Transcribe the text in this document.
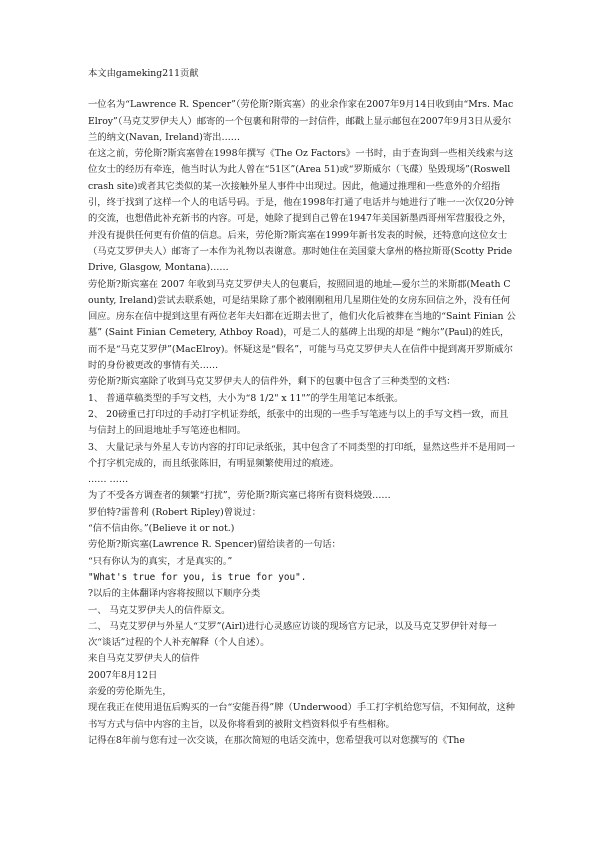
本文由gameking211贡献

一位名为“Lawrence R. Spencer”（劳伦斯?斯宾塞）的业余作家在2007年9月14日收到由“Mrs. MacElroy”（马克艾罗伊夫人）邮寄的一个包裹和附带的一封信件，邮戳上显示邮包在2007年9月3日从爱尔兰的纳文(Navan, Ireland)寄出……

在这之前，劳伦斯?斯宾塞曾在1998年撰写《The Oz Factors》一书时，由于查询到一些相关线索与这位女士的经历有牵连，他当时认为此人曾在“51区”(Area 51)或“罗斯威尔（飞碟）坠毁现场”(Roswell crash site)或者其它类似的某一次接触外星人事件中出现过。因此，他通过推理和一些意外的介绍指引，终于找到了这样一个人的电话号码。于是，他在1998年打通了电话并与她进行了唯一一次仅20分钟的交流，也想借此补充新书的内容。可是，她除了提到自己曾在1947年美国新墨西哥州军营服役之外，并没有提供任何更有价值的信息。后来，劳伦斯?斯宾塞在1999年新书发表的时候，还特意向这位女士（马克艾罗伊夫人）邮寄了一本作为礼物以表谢意。那时她住在美国蒙大拿州的格拉斯哥(Scotty Pride Drive, Glasgow, Montana)……

劳伦斯?斯宾塞在 2007 年收到马克艾罗伊夫人的包裹后，按照回退的地址—爱尔兰的米斯郡(Meath County, Ireland)尝试去联系她，可是结果除了那个被刚刚租用几星期住处的女房东回信之外，没有任何回应。房东在信中提到这里有两位老年夫妇都在近期去世了，他们火化后被葬在当地的“Saint Finian 公墓” (Saint Finian Cemetery, Athboy Road)，可是二人的墓碑上出现的却是 “鲍尔”(Paul)的姓氏，而不是“马克艾罗伊”(MacElroy)。怀疑这是“假名”，可能与马克艾罗伊夫人在信件中提到离开罗斯威尔时的身份被更改的事情有关……

劳伦斯?斯宾塞除了收到马克艾罗伊夫人的信件外，剩下的包裹中包含了三种类型的文档：

1、 普通草稿类型的手写文档，大小为“8 1/2" x 11"”的学生用笔记本纸张。

2、 20磅重已打印过的手动打字机证券纸，纸张中的出现的一些手写笔迹与以上的手写文档一致，而且与信封上的回退地址手写笔迹也相同。

3、 大量记录与外星人专访内容的打印记录纸张，其中包含了不同类型的打印纸，显然这些并不是用同一个打字机完成的，而且纸张陈旧，有明显频繁使用过的痕迹。

…… ……

为了不受各方调查者的频繁“打扰”，劳伦斯?斯宾塞已将所有资料烧毁……

罗伯特?雷普利 (Robert Ripley)曾说过：

“信不信由你。”(Believe it or not.)

劳伦斯?斯宾塞(Lawrence R. Spencer)留给读者的一句话：

“只有你认为的真实，才是真实的。”

"What's true for you, is true for you".

?以后的主体翻译内容将按照以下顺序分类

一、 马克艾罗伊夫人的信件原文。

二、 马克艾罗伊与外星人“艾罗”(Airl)进行心灵感应访谈的现场官方记录，以及马克艾罗伊针对每一次“谈话”过程的个人补充解释（个人自述）。

来自马克艾罗伊夫人的信件

2007年8月12日

亲爱的劳伦斯先生，

现在我正在使用退伍后购买的一台“安能吾得”牌（Underwood）手工打字机给您写信，不知何故，这种书写方式与信中内容的主旨，以及你将看到的被附文档资料似乎有些相称。

记得在8年前与您有过一次交谈，在那次简短的电话交流中，您希望我可以对您撰写的《The
